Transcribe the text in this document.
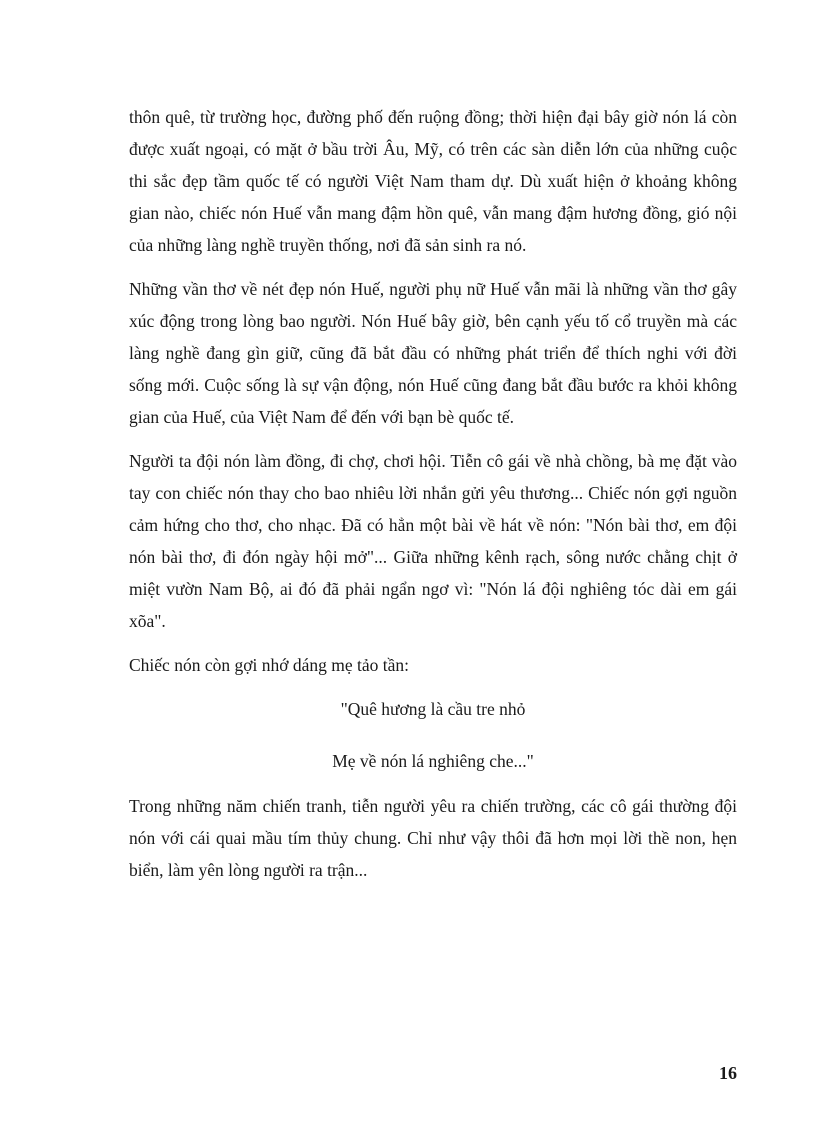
thôn quê, từ trường học, đường phố đến ruộng đồng; thời hiện đại bây giờ nón lá còn được xuất ngoại, có mặt ở bầu trời Âu, Mỹ, có trên các sàn diễn lớn của những cuộc thi sắc đẹp tầm quốc tế có người Việt Nam tham dự. Dù xuất hiện ở khoảng không gian nào, chiếc nón Huế vẫn mang đậm hồn quê, vẫn mang đậm hương đồng, gió nội của những làng nghề truyền thống, nơi đã sản sinh ra nó.

Những vần thơ về nét đẹp nón Huế, người phụ nữ Huế vẫn mãi là những vần thơ gây xúc động trong lòng bao người. Nón Huế bây giờ, bên cạnh yếu tố cổ truyền mà các làng nghề đang gìn giữ, cũng đã bắt đầu có những phát triển để thích nghi với đời sống mới. Cuộc sống là sự vận động, nón Huế cũng đang bắt đầu bước ra khỏi không gian của Huế, của Việt Nam để đến với bạn bè quốc tế.

Người ta đội nón làm đồng, đi chợ, chơi hội. Tiễn cô gái về nhà chồng, bà mẹ đặt vào tay con chiếc nón thay cho bao nhiêu lời nhắn gửi yêu thương... Chiếc nón gợi nguồn cảm hứng cho thơ, cho nhạc. Đã có hẳn một bài về hát về nón: "Nón bài thơ, em đội nón bài thơ, đi đón ngày hội mở"... Giữa những kênh rạch, sông nước chằng chịt ở miệt vườn Nam Bộ, ai đó đã phải ngẩn ngơ vì: "Nón lá đội nghiêng tóc dài em gái xõa".

Chiếc nón còn gợi nhớ dáng mẹ tảo tần:

"Quê hương là cầu tre nhỏ

Mẹ về nón lá nghiêng che..."

Trong những năm chiến tranh, tiễn người yêu ra chiến trường, các cô gái thường đội nón với cái quai mầu tím thủy chung. Chỉ như vậy thôi đã hơn mọi lời thề non, hẹn biển, làm yên lòng người ra trận...

16
